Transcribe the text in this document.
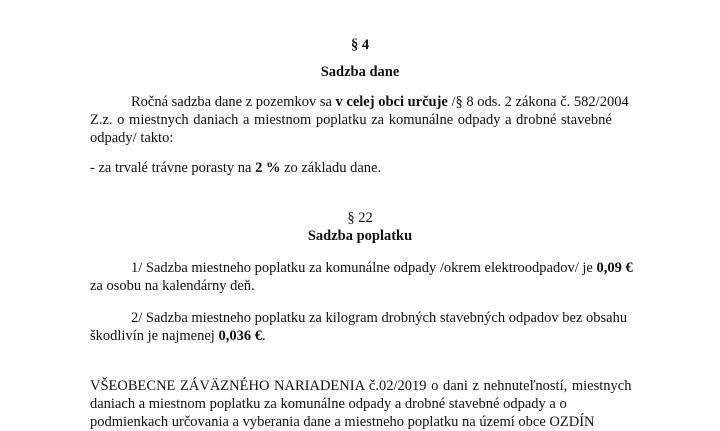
§ 4
Sadzba dane
Ročná sadzba dane z pozemkov sa v celej obci určuje /§ 8 ods. 2 zákona č. 582/2004
Z.z. o miestnych daniach a miestnom poplatku za komunálne odpady a drobné stavebné
odpady/ takto:
- za trvalé trávne porasty na 2 % zo základu dane.
§ 22
Sadzba poplatku
1/ Sadzba miestneho poplatku za komunálne odpady /okrem elektroodpadov/ je 0,09 €
za osobu na kalendárny deň.
2/ Sadzba miestneho poplatku za kilogram drobných stavebných odpadov bez obsahu
škodlivín je najmenej 0,036 €.
VŠEOBECNE ZÁVÄZNÉHO NARIADENIA č.02/2019 o dani z nehnuteľností, miestnych
daniach a miestnom poplatku za komunálne odpady a drobné stavebné odpady a o
podmienkach určovania a vyberania dane a miestneho poplatku na území obce OZDÍN
